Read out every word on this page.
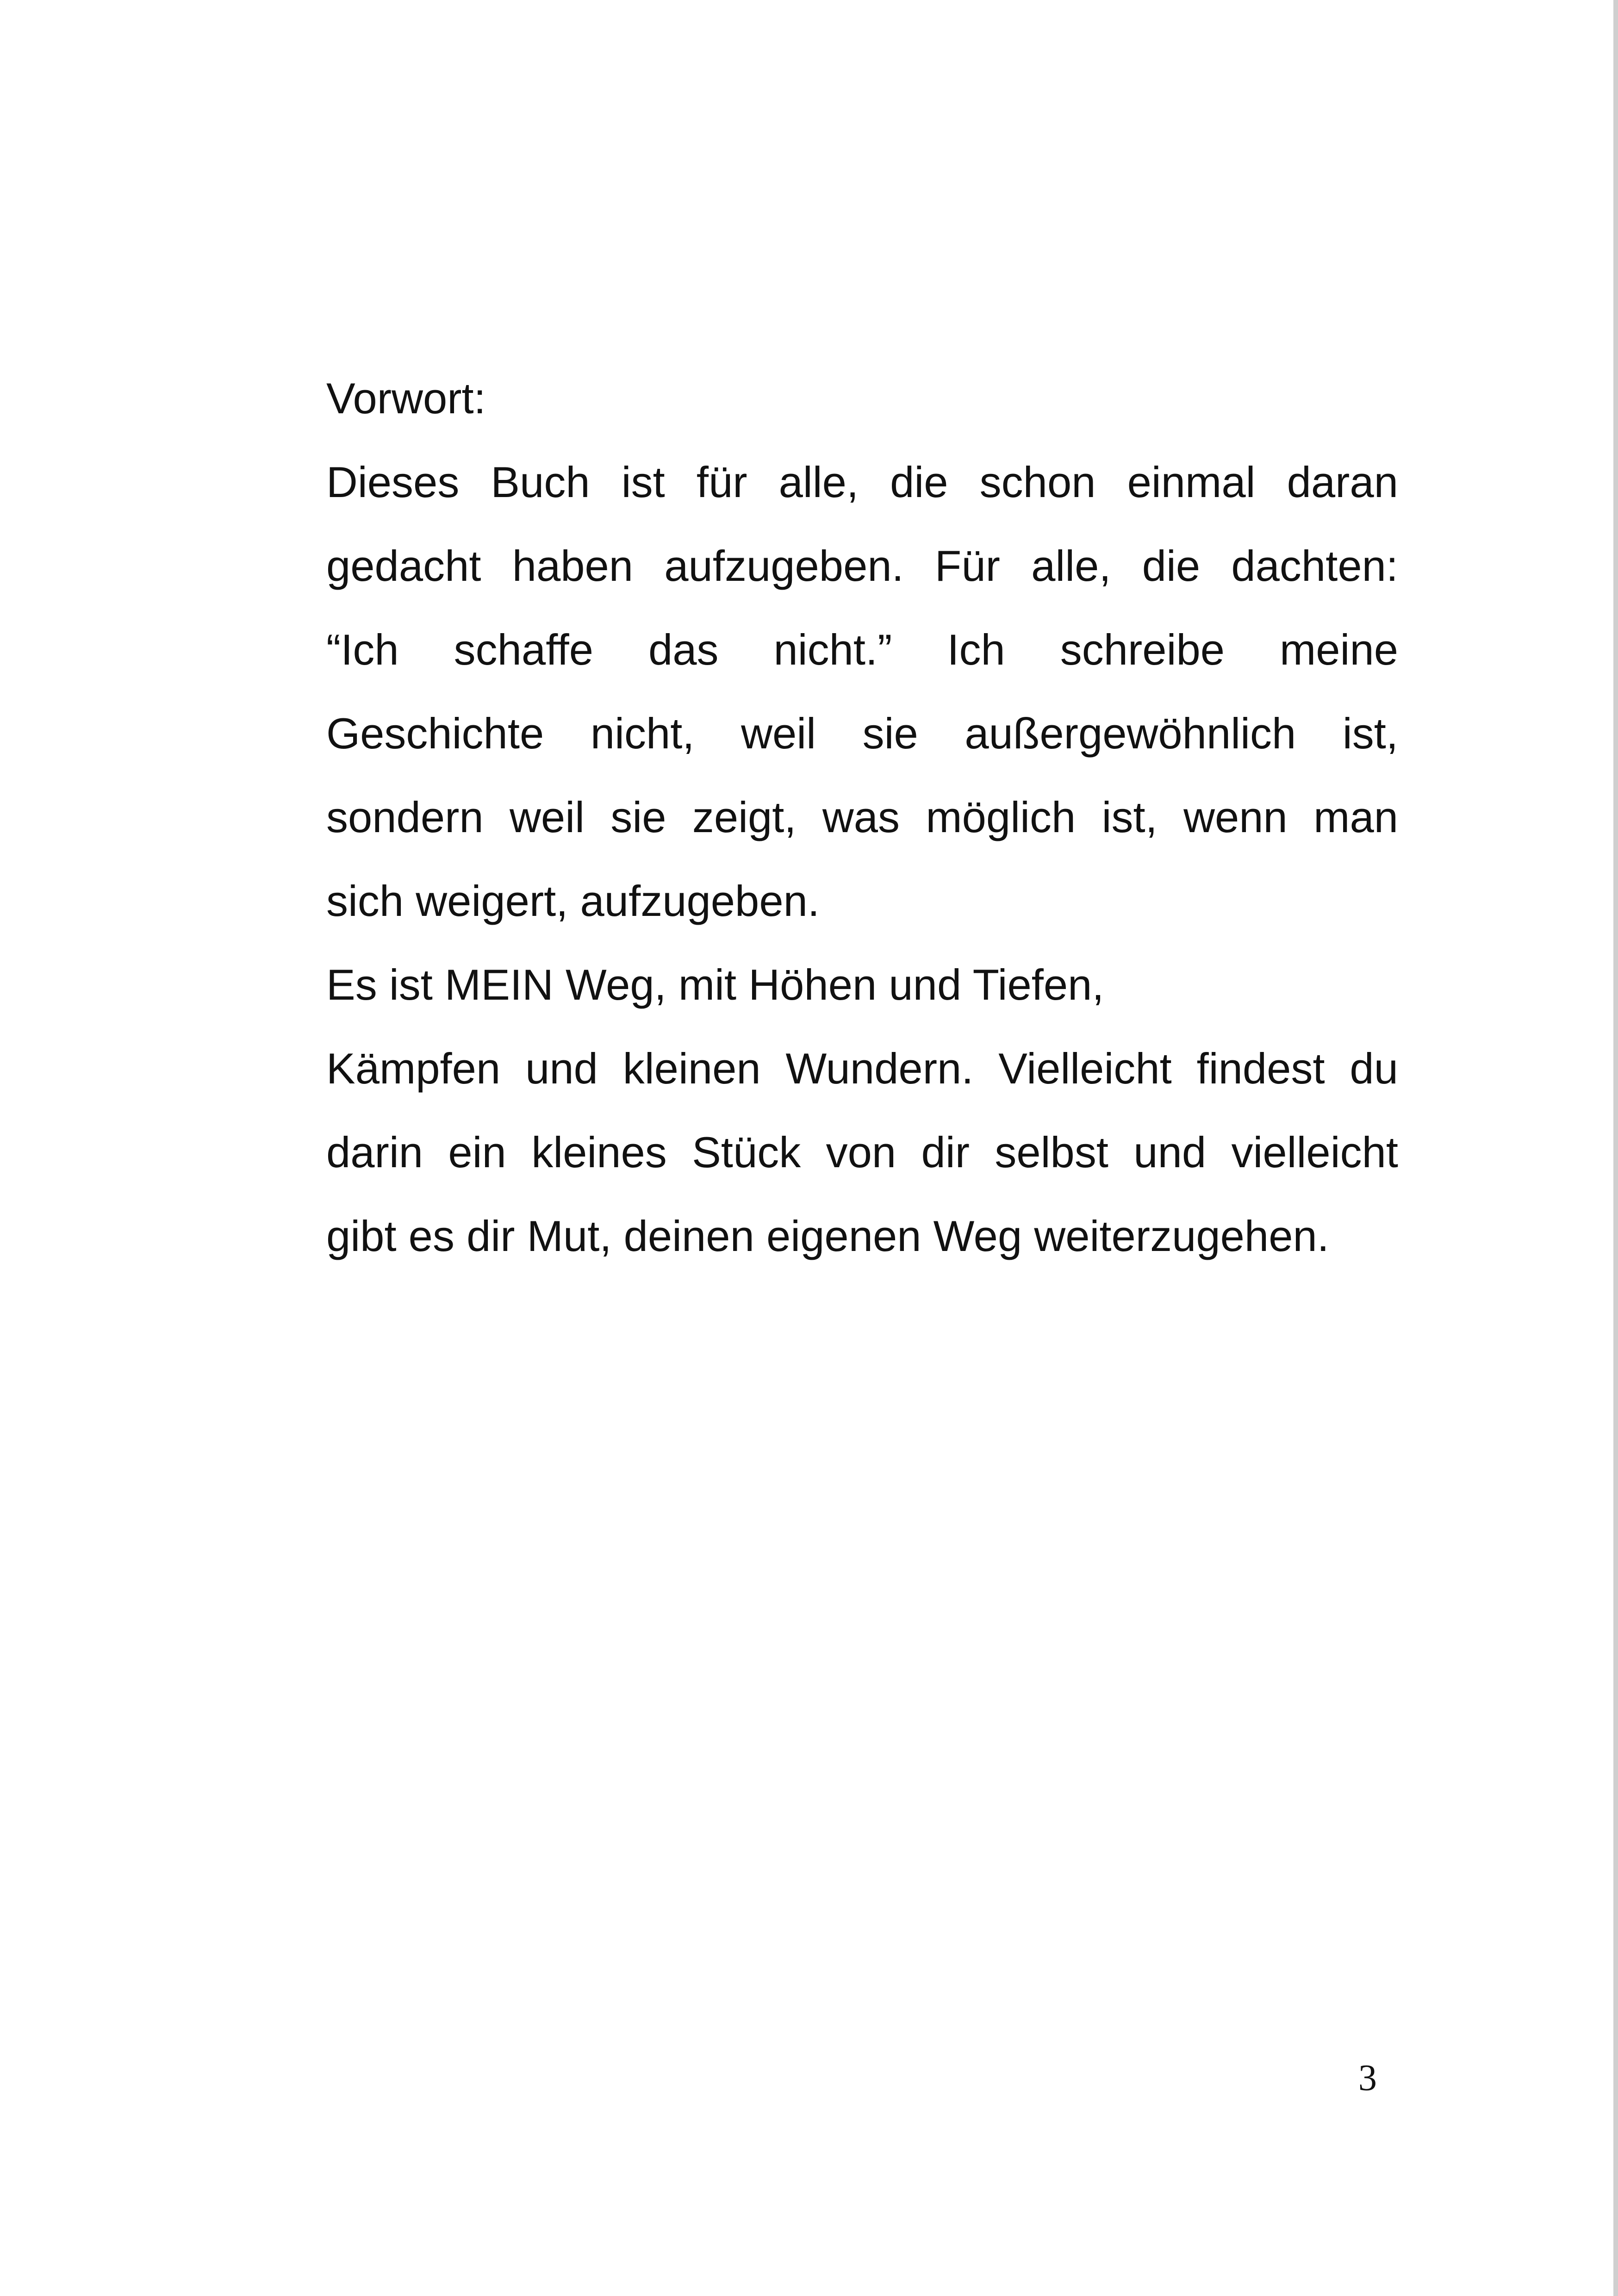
Vorwort:
Dieses Buch ist für alle, die schon einmal daran
gedacht haben aufzugeben. Für alle, die dachten:
“Ich schaffe das nicht.” Ich schreibe meine
Geschichte nicht, weil sie außergewöhnlich ist,
sondern weil sie zeigt, was möglich ist, wenn man
sich weigert, aufzugeben.
Es ist MEIN Weg, mit Höhen und Tiefen,
Kämpfen und kleinen Wundern. Vielleicht findest du
darin ein kleines Stück von dir selbst und vielleicht
gibt es dir Mut, deinen eigenen Weg weiterzugehen.
3
